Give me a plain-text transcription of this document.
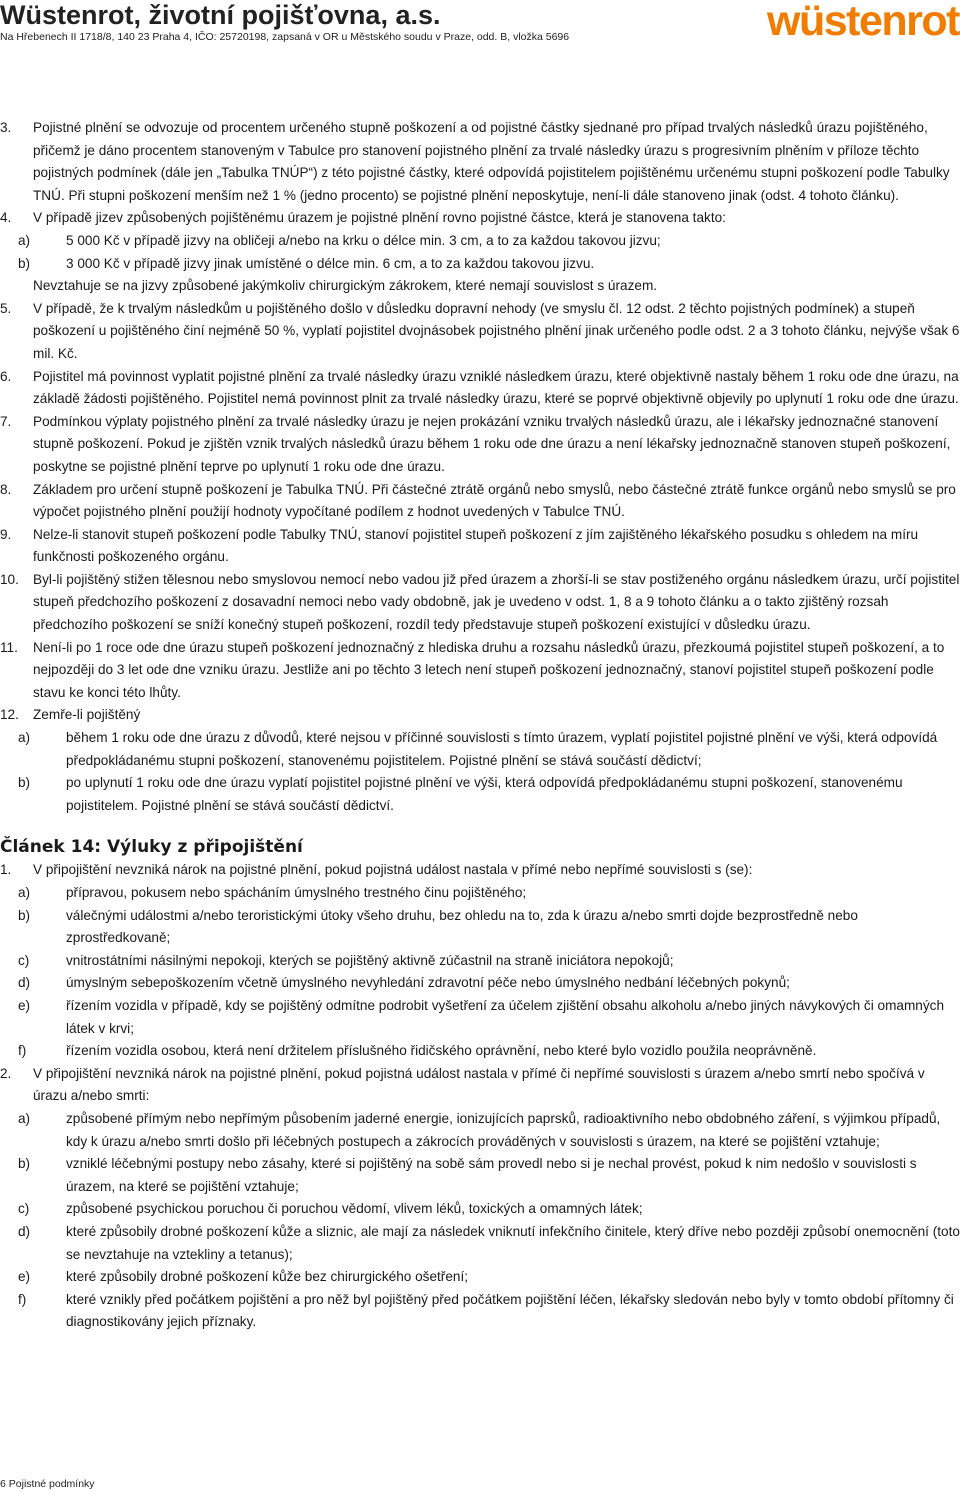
Wüstenrot, životní pojišťovna, a.s.
Na Hřebenech II 1718/8, 140 23 Praha 4, IČO: 25720198, zapsaná v OR u Městského soudu v Praze, odd. B, vložka 5696	wüstenrot
3. Pojistné plnění se odvozuje od procentem určeného stupně poškození a od pojistné částky sjednané pro případ trvalých následků úrazu pojištěného, přičemž je dáno procentem stanoveným v Tabulce pro stanovení pojistného plnění za trvalé následky úrazu s progresivním plněním v příloze těchto pojistných podmínek (dále jen „Tabulka TNÚP“) z této pojistné částky, které odpovídá pojistitelem pojištěnému určenému stupni poškození podle Tabulky TNÚ. Při stupni poškození menším než 1 % (jedno procento) se pojistné plnění neposkytuje, není-li dále stanoveno jinak (odst. 4 tohoto článku).
4. V případě jizev způsobených pojištěnému úrazem je pojistné plnění rovno pojistné částce, která je stanovena takto:
a)	5 000 Kč v případě jizvy na obličeji a/nebo na krku o délce min. 3 cm, a to za každou takovou jizvu;
b)	3 000 Kč v případě jizvy jinak umístěné o délce min. 6 cm, a to za každou takovou jizvu.
Nevztahuje se na jizvy způsobené jakýmkoliv chirurgickým zákrokem, které nemají souvislost s úrazem.
5. V případě, že k trvalým následkům u pojištěného došlo v důsledku dopravní nehody (ve smyslu čl. 12 odst. 2 těchto pojistných podmínek) a stupeň poškození u pojištěného činí nejméně 50 %, vyplatí pojistitel dvojnásobek pojistného plnění jinak určeného podle odst. 2 a 3 tohoto článku, nejvýše však 6 mil. Kč.
6. Pojistitel má povinnost vyplatit pojistné plnění za trvalé následky úrazu vzniklé následkem úrazu, které objektivně nastaly během 1 roku ode dne úrazu, na základě žádosti pojištěného. Pojistitel nemá povinnost plnit za trvalé následky úrazu, které se poprvé objektivně objevily po uplynutí 1 roku ode dne úrazu.
7. Podmínkou výplaty pojistného plnění za trvalé následky úrazu je nejen prokázání vzniku trvalých následků úrazu, ale i lékařsky jednoznačné stanovení stupně poškození. Pokud je zjištěn vznik trvalých následků úrazu během 1 roku ode dne úrazu a není lékařsky jednoznačně stanoven stupeň poškození, poskytne se pojistné plnění teprve po uplynutí 1 roku ode dne úrazu.
8. Základem pro určení stupně poškození je Tabulka TNÚ. Při částečné ztrátě orgánů nebo smyslů, nebo částečné ztrátě funkce orgánů nebo smyslů se pro výpočet pojistného plnění použijí hodnoty vypočítané podílem z hodnot uvedených v Tabulce TNÚ.
9. Nelze-li stanovit stupeň poškození podle Tabulky TNÚ, stanoví pojistitel stupeň poškození z jím zajištěného lékařského posudku s ohledem na míru funkčnosti poškozeného orgánu.
10. Byl-li pojištěný stižen tělesnou nebo smyslovou nemocí nebo vadou již před úrazem a zhorší-li se stav postiženého orgánu následkem úrazu, určí pojistitel stupeň předchozího poškození z dosavadní nemoci nebo vady obdobně, jak je uvedeno v odst. 1, 8 a 9 tohoto článku a o takto zjištěný rozsah předchozího poškození se sníží konečný stupeň poškození, rozdíl tedy představuje stupeň poškození existující v důsledku úrazu.
11. Není-li po 1 roce ode dne úrazu stupeň poškození jednoznačný z hlediska druhu a rozsahu následků úrazu, přezkoumá pojistitel stupeň poškození, a to nejpozději do 3 let ode dne vzniku úrazu. Jestliže ani po těchto 3 letech není stupeň poškození jednoznačný, stanoví pojistitel stupeň poškození podle stavu ke konci této lhůty.
12. Zemře-li pojištěný
a)	během 1 roku ode dne úrazu z důvodů, které nejsou v příčinné souvislosti s tímto úrazem, vyplatí pojistitel pojistné plnění ve výši, která odpovídá předpokládanému stupni poškození, stanovenému pojistitelem. Pojistné plnění se stává součástí dědictví;
b)	po uplynutí 1 roku ode dne úrazu vyplatí pojistitel pojistné plnění ve výši, která odpovídá předpokládanému stupni poškození, stanovenému pojistitelem. Pojistné plnění se stává součástí dědictví.
Článek 14: Výluky z připojištění
1. V připojištění nevzniká nárok na pojistné plnění, pokud pojistná událost nastala v přímé nebo nepřímé souvislosti s (se):
a)	přípravou, pokusem nebo spácháním úmyslného trestného činu pojištěného;
b)	válečnými událostmi a/nebo teroristickými útoky všeho druhu, bez ohledu na to, zda k úrazu a/nebo smrti dojde bezprostředně nebo zprostředkovaně;
c)	vnitrostátními násilnými nepokoji, kterých se pojištěný aktivně zúčastnil na straně iniciátora nepokojů;
d)	úmyslným sebepoškozením včetně úmyslného nevyhledání zdravotní péče nebo úmyslného nedbání léčebných pokynů;
e)	řízením vozidla v případě, kdy se pojištěný odmítne podrobit vyšetření za účelem zjištění obsahu alkoholu a/nebo jiných návykových či omamných látek v krvi;
f)	řízením vozidla osobou, která není držitelem příslušného řidičského oprávnění, nebo které bylo vozidlo použila neoprávněně.
2. V připojištění nevzniká nárok na pojistné plnění, pokud pojistná událost nastala v přímé či nepřímé souvislosti s úrazem a/nebo smrtí nebo spočívá v úrazu a/nebo smrti:
a)	způsobené přímým nebo nepřímým působením jaderné energie, ionizujících paprsků, radioaktivního nebo obdobného záření, s výjimkou případů, kdy k úrazu a/nebo smrti došlo při léčebných postupech a zákrocích prováděných v souvislosti s úrazem, na které se pojištění vztahuje;
b)	vzniklé léčebnými postupy nebo zásahy, které si pojištěný na sobě sám provedl nebo si je nechal provést, pokud k nim nedošlo v souvislosti s úrazem, na které se pojištění vztahuje;
c)	způsobené psychickou poruchou či poruchou vědomí, vlivem léků, toxických a omamných látek;
d)	které způsobily drobné poškození kůže a sliznic, ale mají za následek vniknutí infekčního činitele, který dříve nebo později způsobí onemocnění (toto se nevztahuje na vztekliny a tetanus);
e)	které způsobily drobné poškození kůže bez chirurgického ošetření;
f)	které vznikly před počátkem pojištění a pro něž byl pojištěný před počátkem pojištění léčen, lékařsky sledován nebo byly v tomto období přítomny či diagnostikovány jejich příznaky.
6 Pojistné podmínky
